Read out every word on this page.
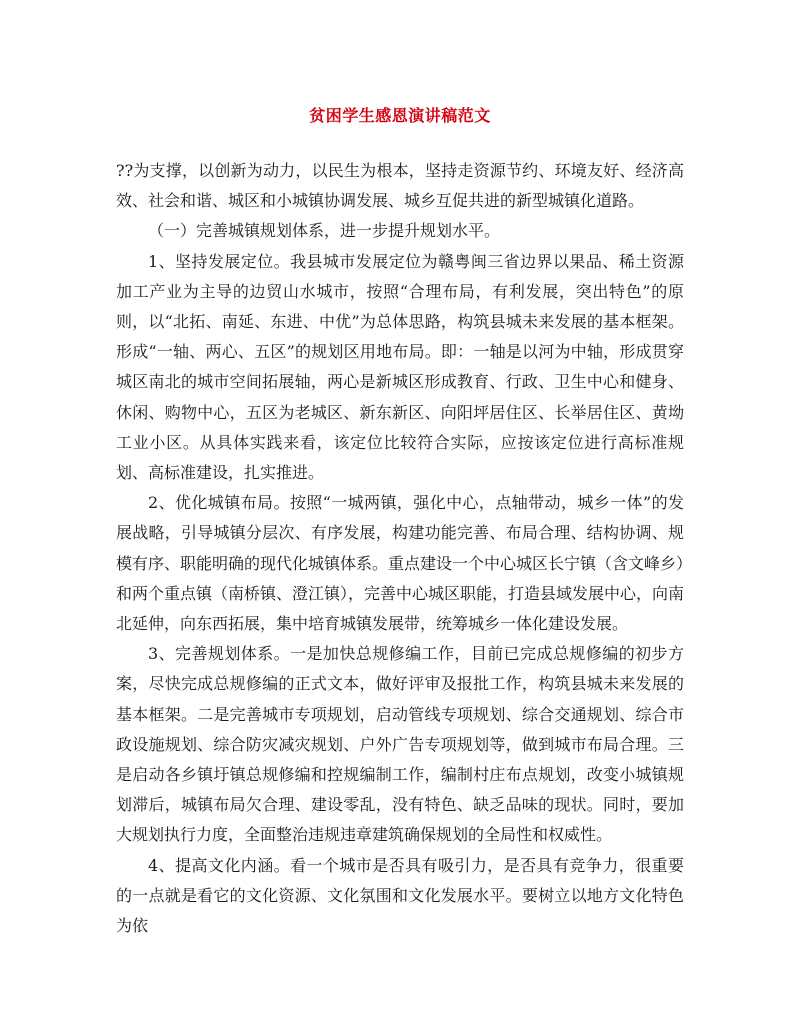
贫困学生感恩演讲稿范文

??为支撑，以创新为动力，以民生为根本，坚持走资源节约、环境友好、经济高效、社会和谐、城区和小城镇协调发展、城乡互促共进的新型城镇化道路。

（一）完善城镇规划体系，进一步提升规划水平。

1、坚持发展定位。我县城市发展定位为赣粤闽三省边界以果品、稀土资源加工产业为主导的边贸山水城市，按照“合理布局，有利发展，突出特色”的原则，以“北拓、南延、东进、中优”为总体思路，构筑县城未来发展的基本框架。形成“一轴、两心、五区”的规划区用地布局。即：一轴是以河为中轴，形成贯穿城区南北的城市空间拓展轴，两心是新城区形成教育、行政、卫生中心和健身、休闲、购物中心，五区为老城区、新东新区、向阳坪居住区、长举居住区、黄坳工业小区。从具体实践来看，该定位比较符合实际，应按该定位进行高标准规划、高标准建设，扎实推进。

2、优化城镇布局。按照“一城两镇，强化中心，点轴带动，城乡一体”的发展战略，引导城镇分层次、有序发展，构建功能完善、布局合理、结构协调、规模有序、职能明确的现代化城镇体系。重点建设一个中心城区长宁镇（含文峰乡）和两个重点镇（南桥镇、澄江镇），完善中心城区职能，打造县域发展中心，向南北延伸，向东西拓展，集中培育城镇发展带，统筹城乡一体化建设发展。

3、完善规划体系。一是加快总规修编工作，目前已完成总规修编的初步方案，尽快完成总规修编的正式文本，做好评审及报批工作，构筑县城未来发展的基本框架。二是完善城市专项规划，启动管线专项规划、综合交通规划、综合市政设施规划、综合防灾减灾规划、户外广告专项规划等，做到城市布局合理。三是启动各乡镇圩镇总规修编和控规编制工作，编制村庄布点规划，改变小城镇规划滞后，城镇布局欠合理、建设零乱，没有特色、缺乏品味的现状。同时，要加大规划执行力度，全面整治违规违章建筑确保规划的全局性和权威性。

4、提高文化内涵。看一个城市是否具有吸引力，是否具有竞争力，很重要的一点就是看它的文化资源、文化氛围和文化发展水平。要树立以地方文化特色为依
